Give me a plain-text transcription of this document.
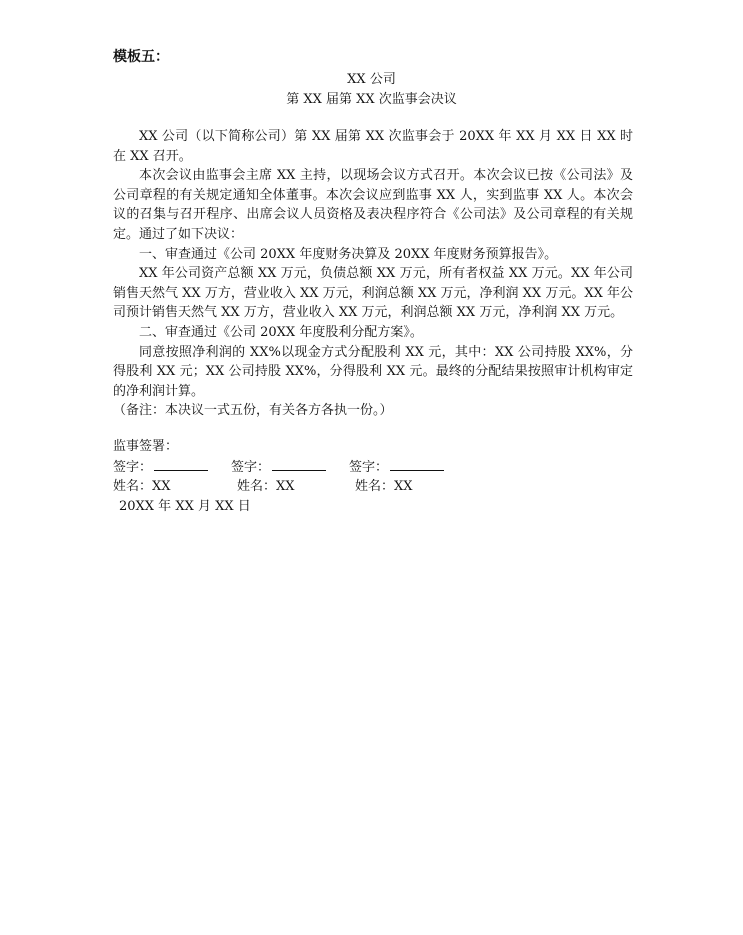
模板五：
XX 公司
第 XX 届第 XX 次监事会决议

XX 公司（以下简称公司）第 XX 届第 XX 次监事会于 20XX 年 XX 月 XX 日 XX 时在 XX 召开。

本次会议由监事会主席 XX 主持，以现场会议方式召开。本次会议已按《公司法》及公司章程的有关规定通知全体董事。本次会议应到监事 XX 人，实到监事 XX 人。本次会议的召集与召开程序、出席会议人员资格及表决程序符合《公司法》及公司章程的有关规定。通过了如下决议：

一、审查通过《公司 20XX 年度财务决算及 20XX 年度财务预算报告》。

XX 年公司资产总额 XX 万元，负债总额 XX 万元，所有者权益 XX 万元。XX 年公司销售天然气 XX 万方，营业收入 XX 万元，利润总额 XX 万元，净利润 XX 万元。XX 年公司预计销售天然气 XX 万方，营业收入 XX 万元，利润总额 XX 万元，净利润 XX 万元。

二、审查通过《公司 20XX 年度股利分配方案》。

同意按照净利润的 XX%以现金方式分配股利 XX 元，其中：XX 公司持股 XX%，分得股利 XX 元；XX 公司持股 XX%，分得股利 XX 元。最终的分配结果按照审计机构审定的净利润计算。

（备注：本决议一式五份，有关各方各执一份。）

监事签署：
签字：	签字：	签字：
姓名：XX	姓名：XX	姓名：XX
20XX 年 XX 月 XX 日
